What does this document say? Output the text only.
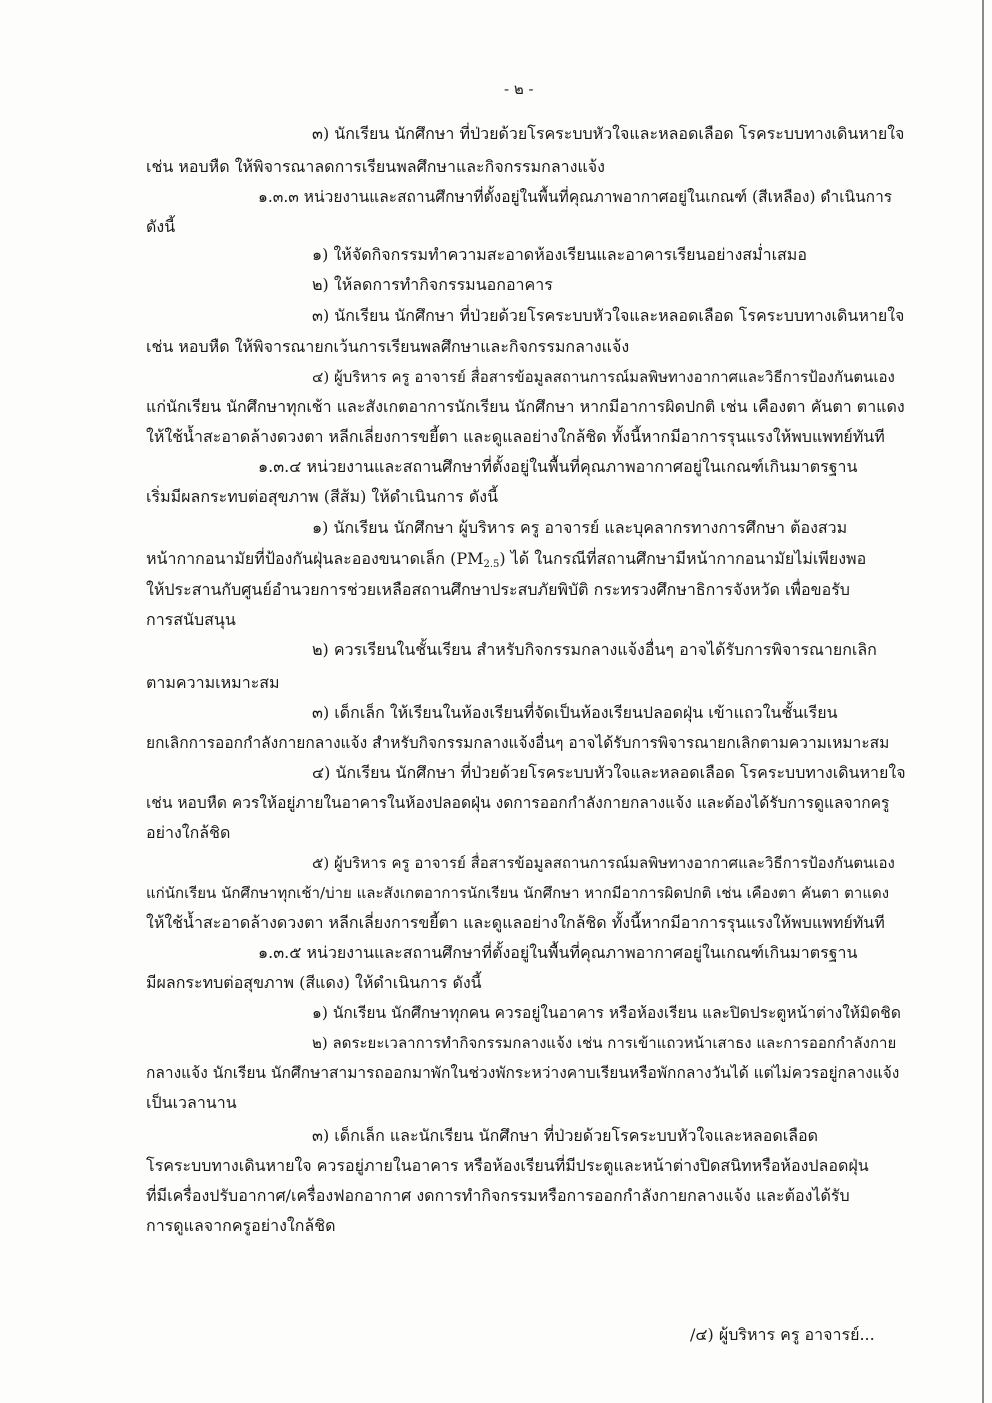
- ๒ -
๓) นักเรียน นักศึกษา ที่ป่วยด้วยโรคระบบหัวใจและหลอดเลือด โรคระบบทางเดินหายใจ
เช่น หอบหืด ให้พิจารณาลดการเรียนพลศึกษาและกิจกรรมกลางแจ้ง
๑.๓.๓ หน่วยงานและสถานศึกษาที่ตั้งอยู่ในพื้นที่คุณภาพอากาศอยู่ในเกณฑ์ (สีเหลือง) ดำเนินการ
ดังนี้
๑) ให้จัดกิจกรรมทำความสะอาดห้องเรียนและอาคารเรียนอย่างสม่ำเสมอ
๒) ให้ลดการทำกิจกรรมนอกอาคาร
๓) นักเรียน นักศึกษา ที่ป่วยด้วยโรคระบบหัวใจและหลอดเลือด โรคระบบทางเดินหายใจ
เช่น หอบหืด ให้พิจารณายกเว้นการเรียนพลศึกษาและกิจกรรมกลางแจ้ง
๔) ผู้บริหาร ครู อาจารย์ สื่อสารข้อมูลสถานการณ์มลพิษทางอากาศและวิธีการป้องกันตนเอง
แก่นักเรียน นักศึกษาทุกเช้า และสังเกตอาการนักเรียน นักศึกษา หากมีอาการผิดปกติ เช่น เคืองตา คันตา ตาแดง
ให้ใช้น้ำสะอาดล้างดวงตา หลีกเลี่ยงการขยี้ตา และดูแลอย่างใกล้ชิด ทั้งนี้หากมีอาการรุนแรงให้พบแพทย์ทันที
๑.๓.๔ หน่วยงานและสถานศึกษาที่ตั้งอยู่ในพื้นที่คุณภาพอากาศอยู่ในเกณฑ์เกินมาตรฐาน
เริ่มมีผลกระทบต่อสุขภาพ (สีส้ม) ให้ดำเนินการ ดังนี้
๑) นักเรียน นักศึกษา ผู้บริหาร ครู อาจารย์ และบุคลากรทางการศึกษา ต้องสวม
หน้ากากอนามัยที่ป้องกันฝุ่นละอองขนาดเล็ก $(PM_{2.5})$ ได้ ในกรณีที่สถานศึกษามีหน้ากากอนามัยไม่เพียงพอ
ให้ประสานกับศูนย์อำนวยการช่วยเหลือสถานศึกษาประสบภัยพิบัติ กระทรวงศึกษาธิการจังหวัด เพื่อขอรับ
การสนับสนุน
๒) ควรเรียนในชั้นเรียน สำหรับกิจกรรมกลางแจ้งอื่นๆ อาจได้รับการพิจารณายกเลิก
ตามความเหมาะสม
๓) เด็กเล็ก ให้เรียนในห้องเรียนที่จัดเป็นห้องเรียนปลอดฝุ่น เข้าแถวในชั้นเรียน
ยกเลิกการออกกำลังกายกลางแจ้ง สำหรับกิจกรรมกลางแจ้งอื่นๆ อาจได้รับการพิจารณายกเลิกตามความเหมาะสม
๔) นักเรียน นักศึกษา ที่ป่วยด้วยโรคระบบหัวใจและหลอดเลือด โรคระบบทางเดินหายใจ
เช่น หอบหืด ควรให้อยู่ภายในอาคารในห้องปลอดฝุ่น งดการออกกำลังกายกลางแจ้ง และต้องได้รับการดูแลจากครู
อย่างใกล้ชิด
๕) ผู้บริหาร ครู อาจารย์ สื่อสารข้อมูลสถานการณ์มลพิษทางอากาศและวิธีการป้องกันตนเอง
แก่นักเรียน นักศึกษาทุกเช้า/บ่าย และสังเกตอาการนักเรียน นักศึกษา หากมีอาการผิดปกติ เช่น เคืองตา คันตา ตาแดง
ให้ใช้น้ำสะอาดล้างดวงตา หลีกเลี่ยงการขยี้ตา และดูแลอย่างใกล้ชิด ทั้งนี้หากมีอาการรุนแรงให้พบแพทย์ทันที
๑.๓.๕ หน่วยงานและสถานศึกษาที่ตั้งอยู่ในพื้นที่คุณภาพอากาศอยู่ในเกณฑ์เกินมาตรฐาน
มีผลกระทบต่อสุขภาพ (สีแดง) ให้ดำเนินการ ดังนี้
๑) นักเรียน นักศึกษาทุกคน ควรอยู่ในอาคาร หรือห้องเรียน และปิดประตูหน้าต่างให้มิดชิด
๒) ลดระยะเวลาการทำกิจกรรมกลางแจ้ง เช่น การเข้าแถวหน้าเสาธง และการออกกำลังกาย
กลางแจ้ง นักเรียน นักศึกษาสามารถออกมาพักในช่วงพักระหว่างคาบเรียนหรือพักกลางวันได้ แต่ไม่ควรอยู่กลางแจ้ง
เป็นเวลานาน
๓) เด็กเล็ก และนักเรียน นักศึกษา ที่ป่วยด้วยโรคระบบหัวใจและหลอดเลือด
โรคระบบทางเดินหายใจ ควรอยู่ภายในอาคาร หรือห้องเรียนที่มีประตูและหน้าต่างปิดสนิทหรือห้องปลอดฝุ่น
ที่มีเครื่องปรับอากาศ/เครื่องฟอกอากาศ งดการทำกิจกรรมหรือการออกกำลังกายกลางแจ้ง และต้องได้รับ
การดูแลจากครูอย่างใกล้ชิด
/๔) ผู้บริหาร ครู อาจารย์...
